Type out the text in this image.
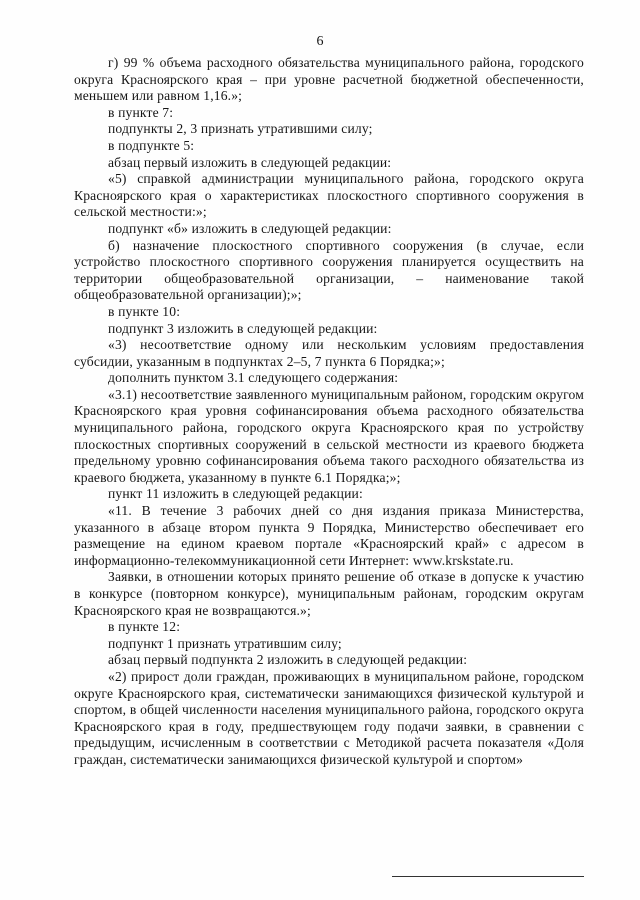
6

г) 99 % объема расходного обязательства муниципального района, городского округа Красноярского края – при уровне расчетной бюджетной обеспеченности, меньшем или равном 1,16.»;

в пункте 7:

подпункты 2, 3 признать утратившими силу;

в подпункте 5:

абзац первый изложить в следующей редакции:

«5) справкой администрации муниципального района, городского округа Красноярского края о характеристиках плоскостного спортивного сооружения в сельской местности:»;

подпункт «б» изложить в следующей редакции:

б) назначение плоскостного спортивного сооружения (в случае, если устройство плоскостного спортивного сооружения планируется осуществить на территории общеобразовательной организации, – наименование такой общеобразовательной организации);»;

в пункте 10:

подпункт 3 изложить в следующей редакции:

«3) несоответствие одному или нескольким условиям предоставления субсидии, указанным в подпунктах 2–5, 7 пункта 6 Порядка;»;

дополнить пунктом 3.1 следующего содержания:

«3.1) несоответствие заявленного муниципальным районом, городским округом Красноярского края уровня софинансирования объема расходного обязательства муниципального района, городского округа Красноярского края по устройству плоскостных спортивных сооружений в сельской местности из краевого бюджета предельному уровню софинансирования объема такого расходного обязательства из краевого бюджета, указанному в пункте 6.1 Порядка;»;

пункт 11 изложить в следующей редакции:

«11. В течение 3 рабочих дней со дня издания приказа Министерства, указанного в абзаце втором пункта 9 Порядка, Министерство обеспечивает его размещение на едином краевом портале «Красноярский край» с адресом в информационно-телекоммуникационной сети Интернет: www.krskstate.ru.

Заявки, в отношении которых принято решение об отказе в допуске к участию в конкурсе (повторном конкурсе), муниципальным районам, городским округам Красноярского края не возвращаются.»;

в пункте 12:

подпункт 1 признать утратившим силу;

абзац первый подпункта 2 изложить в следующей редакции:

«2) прирост доли граждан, проживающих в муниципальном районе, городском округе Красноярского края, систематически занимающихся физической культурой и спортом, в общей численности населения муниципального района, городского округа Красноярского края в году, предшествующем году подачи заявки, в сравнении с предыдущим, исчисленным в соответствии с Методикой расчета показателя «Доля граждан, систематически занимающихся физической культурой и спортом»
